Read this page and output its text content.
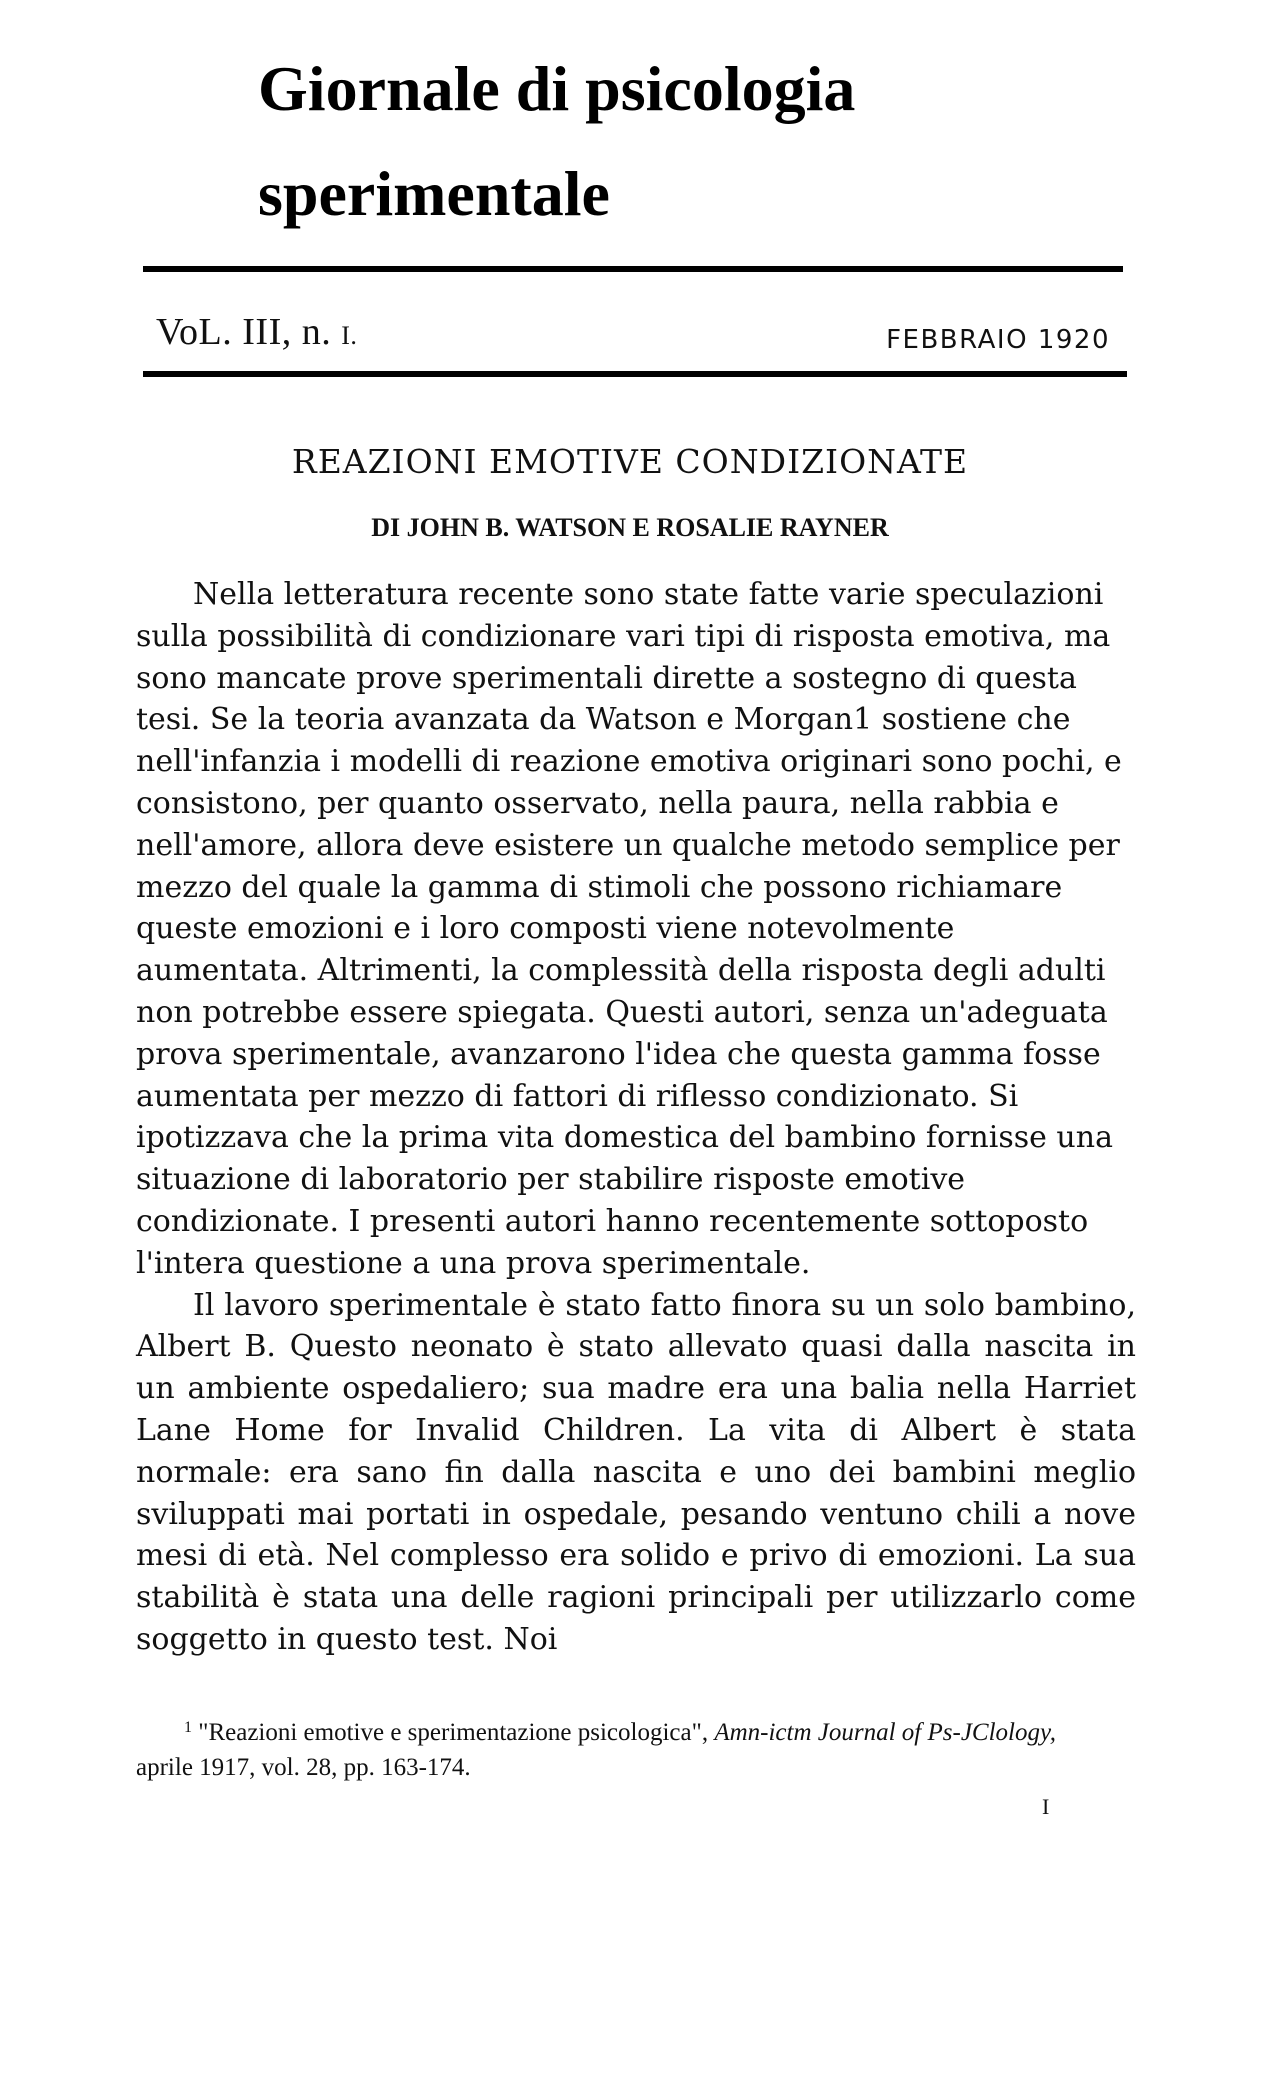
Giornale di psicologia
sperimentale
VoL. III, n. I.	FEBBRAIO 1920
REAZIONI EMOTIVE CONDIZIONATE
DI JOHN B. WATSON E ROSALIE RAYNER

Nella letteratura recente sono state fatte varie speculazioni sulla possibilità di condizionare vari tipi di risposta emotiva, ma sono mancate prove sperimentali dirette a sostegno di questa tesi. Se la teoria avanzata da Watson e Morgan1 sostiene che nell'infanzia i modelli di reazione emotiva originari sono pochi, e consistono, per quanto osservato, nella paura, nella rabbia e nell'amore, allora deve esistere un qualche metodo semplice per mezzo del quale la gamma di stimoli che possono richiamare queste emozioni e i loro composti viene notevolmente aumentata. Altrimenti, la complessità della risposta degli adulti non potrebbe essere spiegata. Questi autori, senza un'adeguata prova sperimentale, avanzarono l'idea che questa gamma fosse aumentata per mezzo di fattori di riflesso condizionato. Si ipotizzava che la prima vita domestica del bambino fornisse una situazione di laboratorio per stabilire risposte emotive condizionate. I presenti autori hanno recentemente sottoposto l'intera questione a una prova sperimentale.

Il lavoro sperimentale è stato fatto finora su un solo bambino, Albert B. Questo neonato è stato allevato quasi dalla nascita in un ambiente ospedaliero; sua madre era una balia nella Harriet Lane Home for Invalid Children. La vita di Albert è stata normale: era sano fin dalla nascita e uno dei bambini meglio sviluppati mai portati in ospedale, pesando ventuno chili a nove mesi di età. Nel complesso era solido e privo di emozioni. La sua stabilità è stata una delle ragioni principali per utilizzarlo come soggetto in questo test. Noi

$^1$ "Reazioni emotive e sperimentazione psicologica", Amn-ictm Journal of Ps-JClology, aprile 1917, vol. 28, pp. 163-174.
I
